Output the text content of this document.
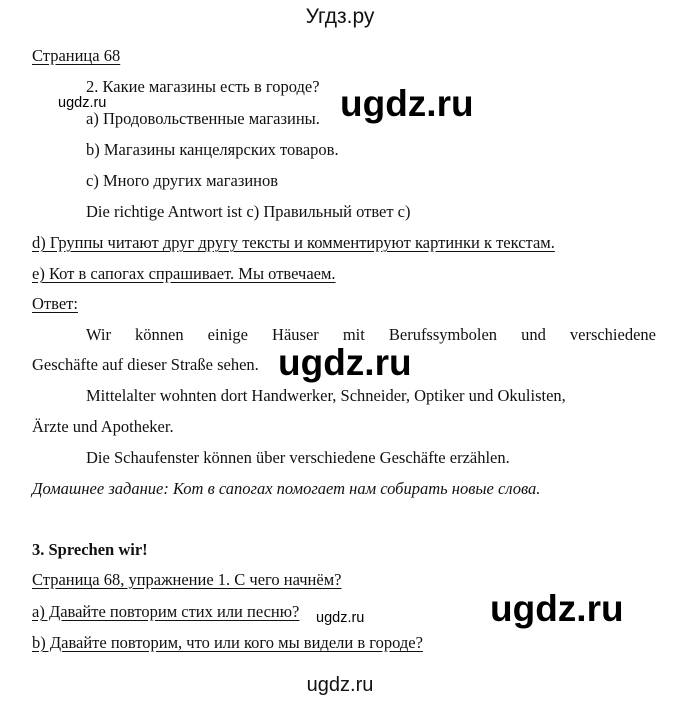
Угдз.ру
Страница 68
2. Какие магазины есть в городе?
ugdz.ru	ugdz.ru
a) Продовольственные магазины.
b) Магазины канцелярских товаров.
c) Много других магазинов
Die richtige Antwort ist c) Правильный ответ c)
d) Группы читают друг другу тексты и комментируют картинки к текстам.
e) Кот в сапогах спрашивает. Мы отвечаем.
Ответ:
Wir können einige Häuser mit Berufssymbolen und verschiedene
Geschäfte auf dieser Straße sehen. ugdz.ru
Mittelalter wohnten dort Handwerker, Schneider, Optiker und Okulisten,
Ärzte und Apotheker.
Die Schaufenster können über verschiedene Geschäfte erzählen.
Домашнее задание: Кот в сапогах помогает нам собирать новые слова.
3. Sprechen wir!
Страница 68, упражнение 1. С чего начнём?
a) Давайте повторим стих или песню? ugdz.ru	ugdz.ru
b) Давайте повторим, что или кого мы видели в городе?
ugdz.ru
